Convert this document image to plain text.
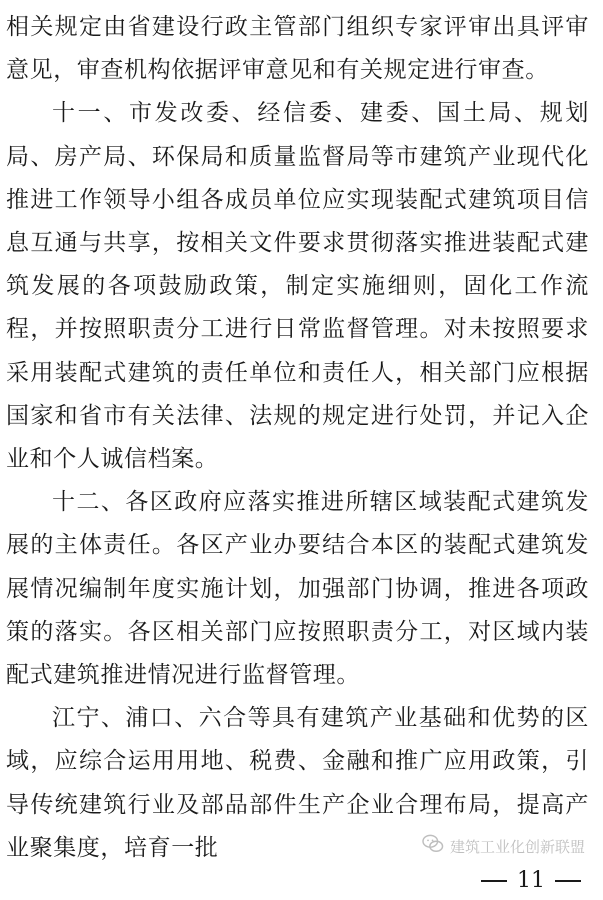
相关规定由省建设行政主管部门组织专家评审出具评审意见，审查机构依据评审意见和有关规定进行审查。

十一、市发改委、经信委、建委、国土局、规划局、房产局、环保局和质量监督局等市建筑产业现代化推进工作领导小组各成员单位应实现装配式建筑项目信息互通与共享，按相关文件要求贯彻落实推进装配式建筑发展的各项鼓励政策，制定实施细则，固化工作流程，并按照职责分工进行日常监督管理。对未按照要求采用装配式建筑的责任单位和责任人，相关部门应根据国家和省市有关法律、法规的规定进行处罚，并记入企业和个人诚信档案。

十二、各区政府应落实推进所辖区域装配式建筑发展的主体责任。各区产业办要结合本区的装配式建筑发展情况编制年度实施计划，加强部门协调，推进各项政策的落实。各区相关部门应按照职责分工，对区域内装配式建筑推进情况进行监督管理。

江宁、浦口、六合等具有建筑产业基础和优势的区域，应综合运用用地、税费、金融和推广应用政策，引导传统建筑行业及部品部件生产企业合理布局，提高产业聚集度，培育一批	建筑工业化创新联盟
11
